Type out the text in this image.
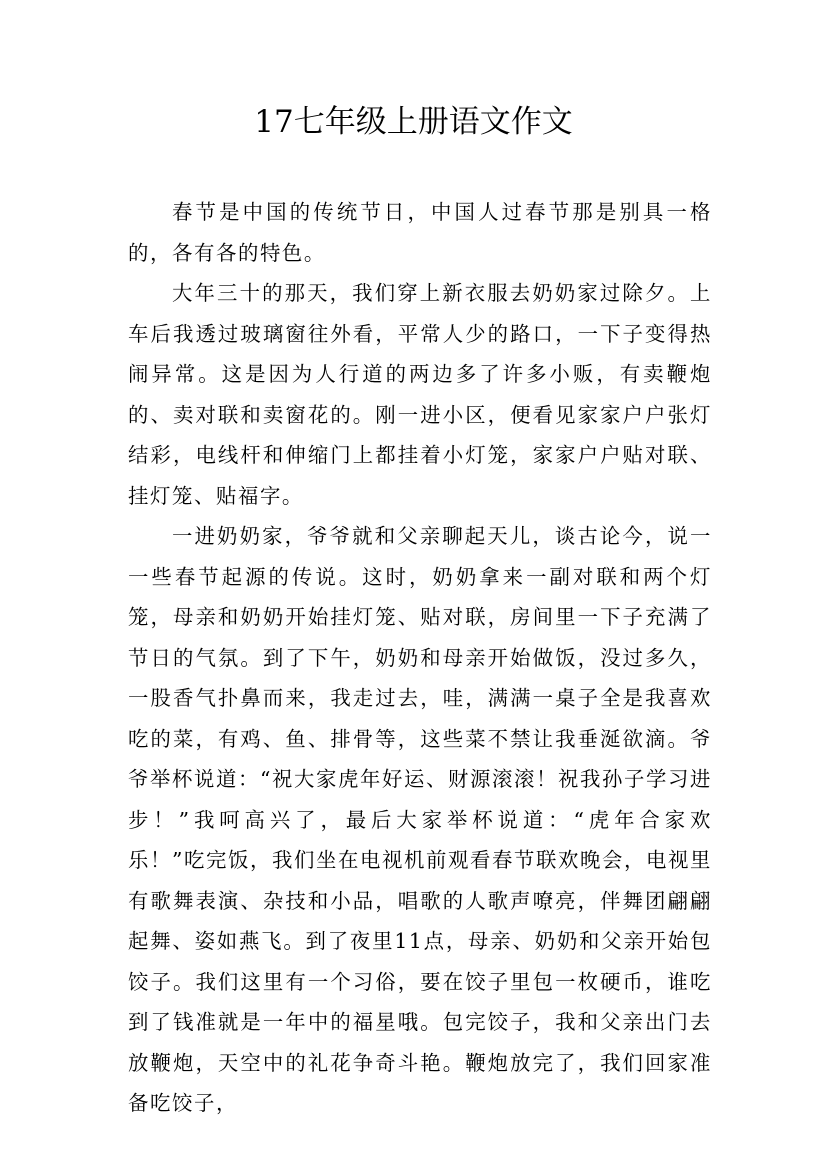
17七年级上册语文作文

春节是中国的传统节日，中国人过春节那是别具一格的，各有各的特色。

大年三十的那天，我们穿上新衣服去奶奶家过除夕。上车后我透过玻璃窗往外看，平常人少的路口，一下子变得热闹异常。这是因为人行道的两边多了许多小贩，有卖鞭炮的、卖对联和卖窗花的。刚一进小区，便看见家家户户张灯结彩，电线杆和伸缩门上都挂着小灯笼，家家户户贴对联、挂灯笼、贴福字。

一进奶奶家，爷爷就和父亲聊起天儿，谈古论今，说一一些春节起源的传说。这时，奶奶拿来一副对联和两个灯笼，母亲和奶奶开始挂灯笼、贴对联，房间里一下子充满了节日的气氛。到了下午，奶奶和母亲开始做饭，没过多久，一股香气扑鼻而来，我走过去，哇，满满一桌子全是我喜欢吃的菜，有鸡、鱼、排骨等，这些菜不禁让我垂涎欲滴。爷爷举杯说道：“祝大家虎年好运、财源滚滚！祝我孙子学习进步！”我呵高兴了，最后大家举杯说道：“虎年合家欢乐！”吃完饭，我们坐在电视机前观看春节联欢晚会，电视里有歌舞表演、杂技和小品，唱歌的人歌声嘹亮，伴舞团翩翩起舞、姿如燕飞。到了夜里11点，母亲、奶奶和父亲开始包饺子。我们这里有一个习俗，要在饺子里包一枚硬币，谁吃到了钱准就是一年中的福星哦。包完饺子，我和父亲出门去放鞭炮，天空中的礼花争奇斗艳。鞭炮放完了，我们回家准备吃饺子，
